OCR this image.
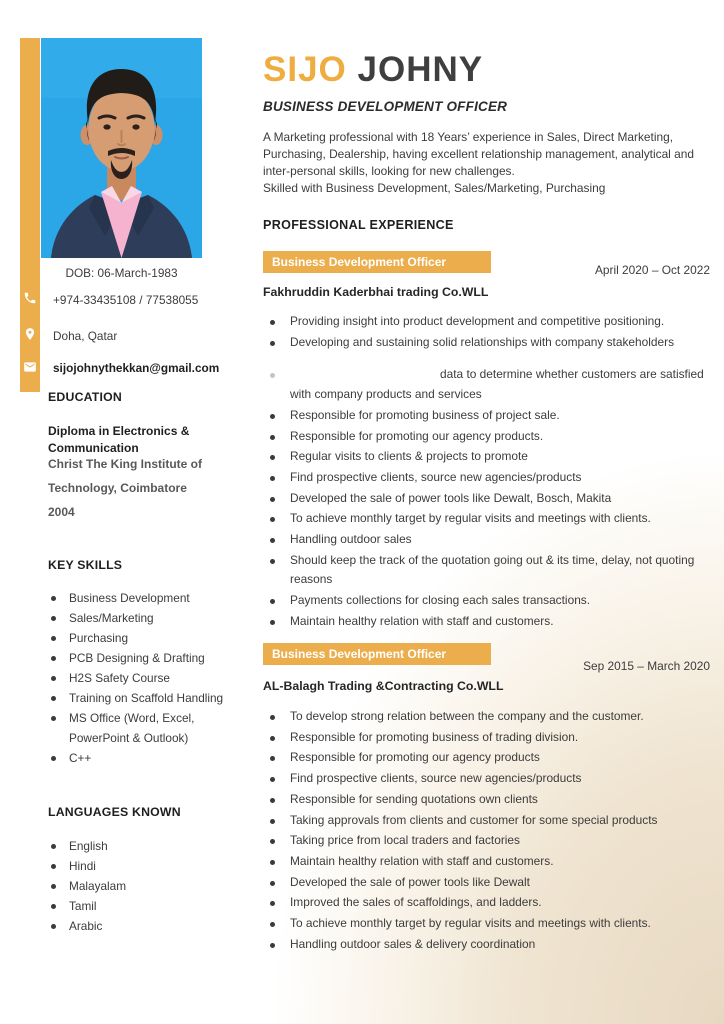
DOB: 06-March-1983
+974-33435108 / 77538055
Doha, Qatar
sijojohnythekkan@gmail.com
EDUCATION
Diploma in Electronics & Communication
Christ The King Institute of
Technology, Coimbatore
2004
KEY SKILLS
Business Development
Sales/Marketing
Purchasing
PCB Designing & Drafting
H2S Safety Course
Training on Scaffold Handling
MS Office (Word, Excel, PowerPoint & Outlook)
C++
LANGUAGES KNOWN
English
Hindi
Malayalam
Tamil
Arabic
SIJO JOHNY
BUSINESS DEVELOPMENT OFFICER
A Marketing professional with 18 Years’ experience in Sales, Direct Marketing, Purchasing, Dealership, having excellent relationship management, analytical and inter-personal skills, looking for new challenges.
Skilled with Business Development, Sales/Marketing, Purchasing
PROFESSIONAL EXPERIENCE
Business Development Officer
April 2020 – Oct 2022
Fakhruddin Kaderbhai trading Co.WLL
Providing insight into product development and competitive positioning.
Developing and sustaining solid relationships with company stakeholders
data to determine whether customers are satisfied with company products and services
Responsible for promoting business of project sale.
Responsible for promoting our agency products.
Regular visits to clients & projects to promote
Find prospective clients, source new agencies/products
Developed the sale of power tools like Dewalt, Bosch, Makita
To achieve monthly target by regular visits and meetings with clients.
Handling outdoor sales
Should keep the track of the quotation going out & its time, delay, not quoting reasons
Payments collections for closing each sales transactions.
Maintain healthy relation with staff and customers.
Business Development Officer
Sep 2015 – March 2020
AL-Balagh Trading &Contracting Co.WLL
To develop strong relation between the company and the customer.
Responsible for promoting business of trading division.
Responsible for promoting our agency products
Find prospective clients, source new agencies/products
Responsible for sending quotations own clients
Taking approvals from clients and customer for some special products
Taking price from local traders and factories
Maintain healthy relation with staff and customers.
Developed the sale of power tools like Dewalt
Improved the sales of scaffoldings, and ladders.
To achieve monthly target by regular visits and meetings with clients.
Handling outdoor sales & delivery coordination
